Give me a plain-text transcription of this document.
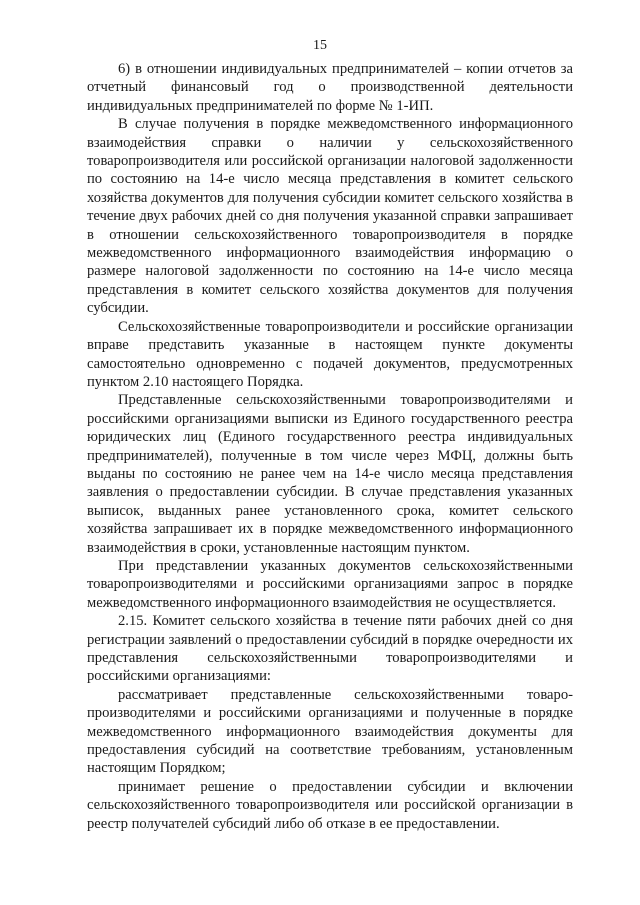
15

6) в отношении индивидуальных предпринимателей – копии отчетов за отчетный финансовый год о производственной деятельности индивидуальных предпринимателей по форме № 1-ИП.

В случае получения в порядке межведомственного информационного взаимодействия справки о наличии у сельскохозяйственного товаропроизводителя или российской организации налоговой задолженности по состоянию на 14-е число месяца представления в комитет сельского хозяйства документов для получения субсидии комитет сельского хозяйства в течение двух рабочих дней со дня получения указанной справки запрашивает в отношении сельскохозяйственного товаропроизводителя в порядке межведомственного информационного взаимодействия информацию о размере налоговой задолженности по состоянию на 14-е число месяца представления в комитет сельского хозяйства документов для получения субсидии.

Сельскохозяйственные товаропроизводители и российские организации вправе представить указанные в настоящем пункте документы самостоятельно одновременно с подачей документов, предусмотренных пунктом 2.10 настоящего Порядка.

Представленные сельскохозяйственными товаропроизводителями и российскими организациями выписки из Единого государственного реестра юридических лиц (Единого государственного реестра индивидуальных предпринимателей), полученные в том числе через МФЦ, должны быть выданы по состоянию не ранее чем на 14-е число месяца представления заявления о предоставлении субсидии. В случае представления указанных выписок, выданных ранее установленного срока, комитет сельского хозяйства запрашивает их в порядке межведомственного информационного взаимодействия в сроки, установленные настоящим пунктом.

При представлении указанных документов сельскохозяйственными товаропроизводителями и российскими организациями запрос в порядке межведомственного информационного взаимодействия не осуществляется.

2.15. Комитет сельского хозяйства в течение пяти рабочих дней со дня регистрации заявлений о предоставлении субсидий в порядке очередности их представления сельскохозяйственными товаропроизводителями и российскими организациями:

рассматривает представленные сельскохозяйственными товаропроизводителями и российскими организациями и полученные в порядке межведомственного информационного взаимодействия документы для предоставления субсидий на соответствие требованиям, установленным настоящим Порядком;

принимает решение о предоставлении субсидии и включении сельскохозяйственного товаропроизводителя или российской организации в реестр получателей субсидий либо об отказе в ее предоставлении.
